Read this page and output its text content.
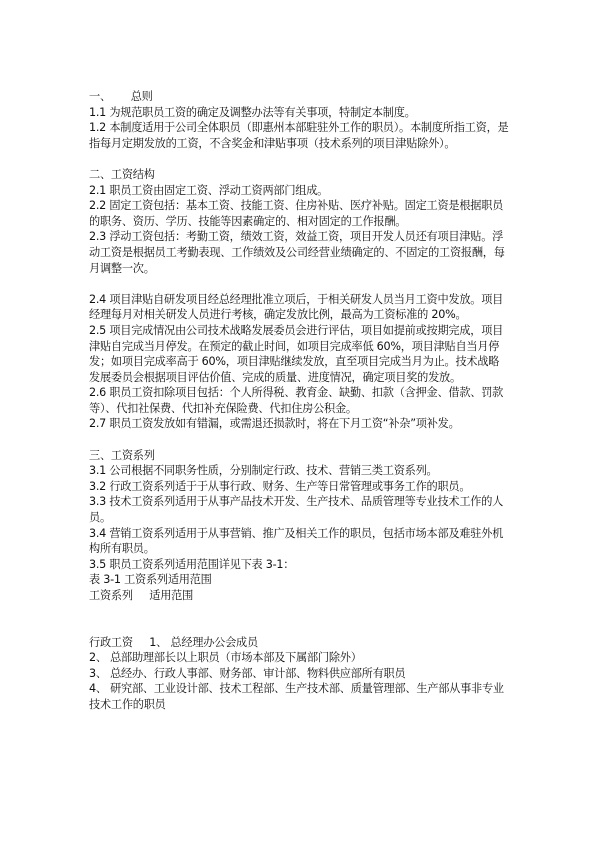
一、      总则

1.1 为规范职员工资的确定及调整办法等有关事项，特制定本制度。

1.2 本制度适用于公司全体职员（即惠州本部駐驻外工作的职员）。本制度所指工资，是指每月定期发放的工资，不含奖金和津贴事项（技术系列的项目津贴除外）。

二、工资结构

2.1 职员工资由固定工资、浮动工资两部门组成。

2.2 固定工资包括：基本工资、技能工资、住房补贴、医疗补贴。固定工资是根据职员的职务、资历、学历、技能等因素确定的、相对固定的工作报酬。

2.3 浮动工资包括：考勤工资，绩效工资，效益工资，项目开发人员还有项目津贴。浮动工资是根据员工考勤表现、工作绩效及公司经营业绩确定的、不固定的工资报酬，每月调整一次。

2.4 项目津贴自研发项目经总经理批准立项后，于相关研发人员当月工资中发放。项目经理每月对相关研发人员进行考核，确定发放比例，最高为工资标准的 20%。

2.5 项目完成情况由公司技术战略发展委员会进行评估，项目如提前或按期完成，项目津贴自完成当月停发。在预定的截止时间，如项目完成率低 60%，项目津贴自当月停发；如项目完成率高于 60%，项目津贴继续发放，直至项目完成当月为止。技术战略发展委员会根据项目评估价值、完成的质量、进度情况，确定项目奖的发放。

2.6 职员工资扣除项目包括：个人所得税、教育金、缺勤、扣款（含押金、借款、罚款等）、代扣社保费、代扣补充保险费、代扣住房公积金。

2.7 职员工资发放如有错漏，或需退还损款时，将在下月工资“补杂”项补发。

三、工资系列

3.1 公司根据不同职务性质，分别制定行政、技术、营销三类工资系列。

3.2 行政工资系列适于于从事行政、财务、生产等日常管理或事务工作的职员。

3.3 技术工资系列适用于从事产品技术开发、生产技术、品质管理等专业技术工作的人员。

3.4 营销工资系列适用于从事营销、推广及相关工作的职员，包括市场本部及难驻外机构所有职员。

3.5 职员工资系列适用范围详见下表 3-1：

表 3-1 工资系列适用范围

工资系列     适用范围

行政工资     1、 总经理办公会成员

2、 总部助理部长以上职员（市场本部及下属部门除外）

3、 总经办、行政人事部、财务部、审计部、物料供应部所有职员

4、 研究部、工业设计部、技术工程部、生产技术部、质量管理部、生产部从事非专业技术工作的职员
